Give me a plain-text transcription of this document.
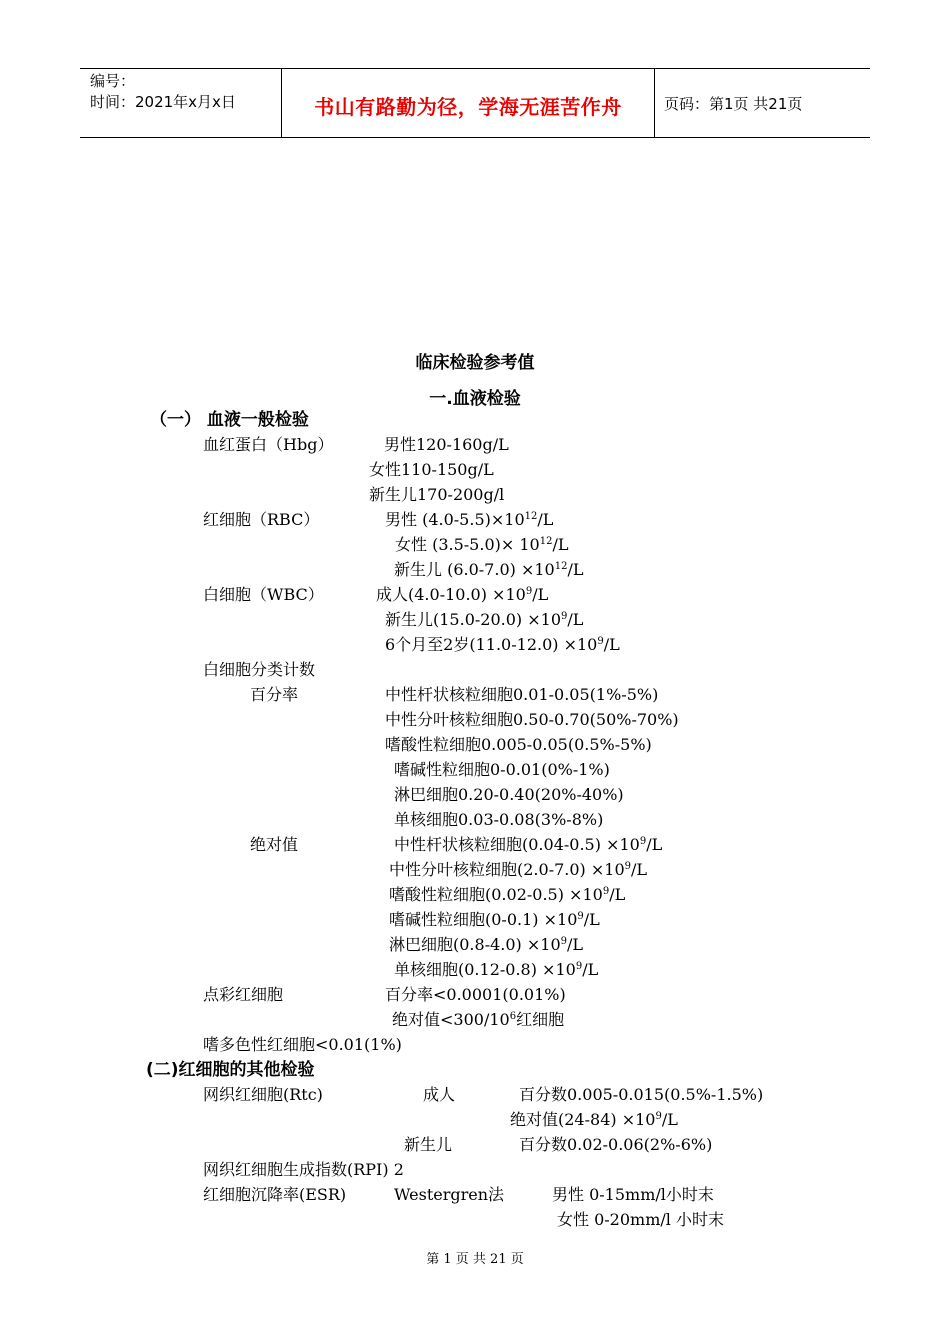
编号：
时间：2021年x月x日	书山有路勤为径，学海无涯苦作舟	页码：第1页 共21页
临床检验参考值
一.血液检验
（一） 血液一般检验
血红蛋白（Hbg）	男性120-160g/L
女性110-150g/L
新生儿170-200g/l
红细胞（RBC）	男性 $(4.0-5.5)\times 10^{12}/L$
女性 $(3.5-5.0)\times 10^{12}/L$
新生儿 $(6.0-7.0) \times 10^{12}/L$
白细胞（WBC）	成人$(4.0-10.0) \times 10^9/L$
新生儿$(15.0-20.0) \times 10^9/L$
6个月至2岁$(11.0-12.0) \times 10^9/L$
白细胞分类计数
百分率	中性杆状核粒细胞0.01-0.05(1%-5%)
中性分叶核粒细胞0.50-0.70(50%-70%)
嗜酸性粒细胞0.005-0.05(0.5%-5%)
嗜碱性粒细胞0-0.01(0%-1%)
淋巴细胞0.20-0.40(20%-40%)
单核细胞0.03-0.08(3%-8%)
绝对值	中性杆状核粒细胞$(0.04-0.5) \times 10^9/L$
中性分叶核粒细胞$(2.0-7.0) \times 10^9/L$
嗜酸性粒细胞$(0.02-0.5) \times 10^9/L$
嗜碱性粒细胞$(0-0.1) \times 10^9/L$
淋巴细胞$(0.8-4.0) \times 10^9/L$
单核细胞$(0.12-0.8) \times 10^9/L$
点彩红细胞	百分率<0.0001(0.01%)
绝对值$<300/10^6$红细胞
嗜多色性红细胞<0.01(1%)
(二)红细胞的其他检验
网织红细胞(Rtc)	成人	百分数0.005-0.015(0.5%-1.5%)
绝对值$(24-84) \times 10^9/L$
新生儿	百分数0.02-0.06(2%-6%)
网织红细胞生成指数(RPI) 2
红细胞沉降率(ESR)	Westergren法	男性 0-15mm/l小时末
女性 0-20mm/l 小时末
第 1 页 共 21 页
